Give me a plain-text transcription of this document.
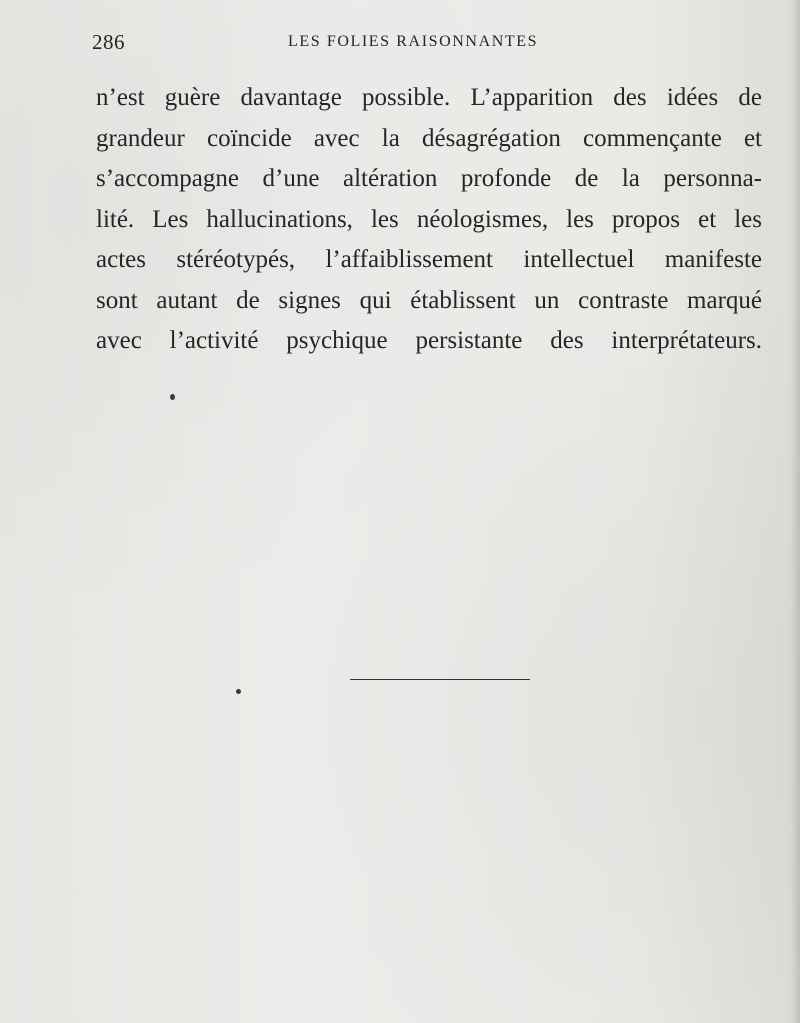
286	LES FOLIES RAISONNANTES
n’est guère davantage possible. L’apparition des idées de
grandeur coïncide avec la désagrégation commençante et
s’accompagne d’une altération profonde de la personna-
lité. Les hallucinations, les néologismes, les propos et les
actes stéréotypés, l’affaiblissement intellectuel manifeste
sont autant de signes qui établissent un contraste marqué
avec l’activité psychique persistante des interprétateurs.
